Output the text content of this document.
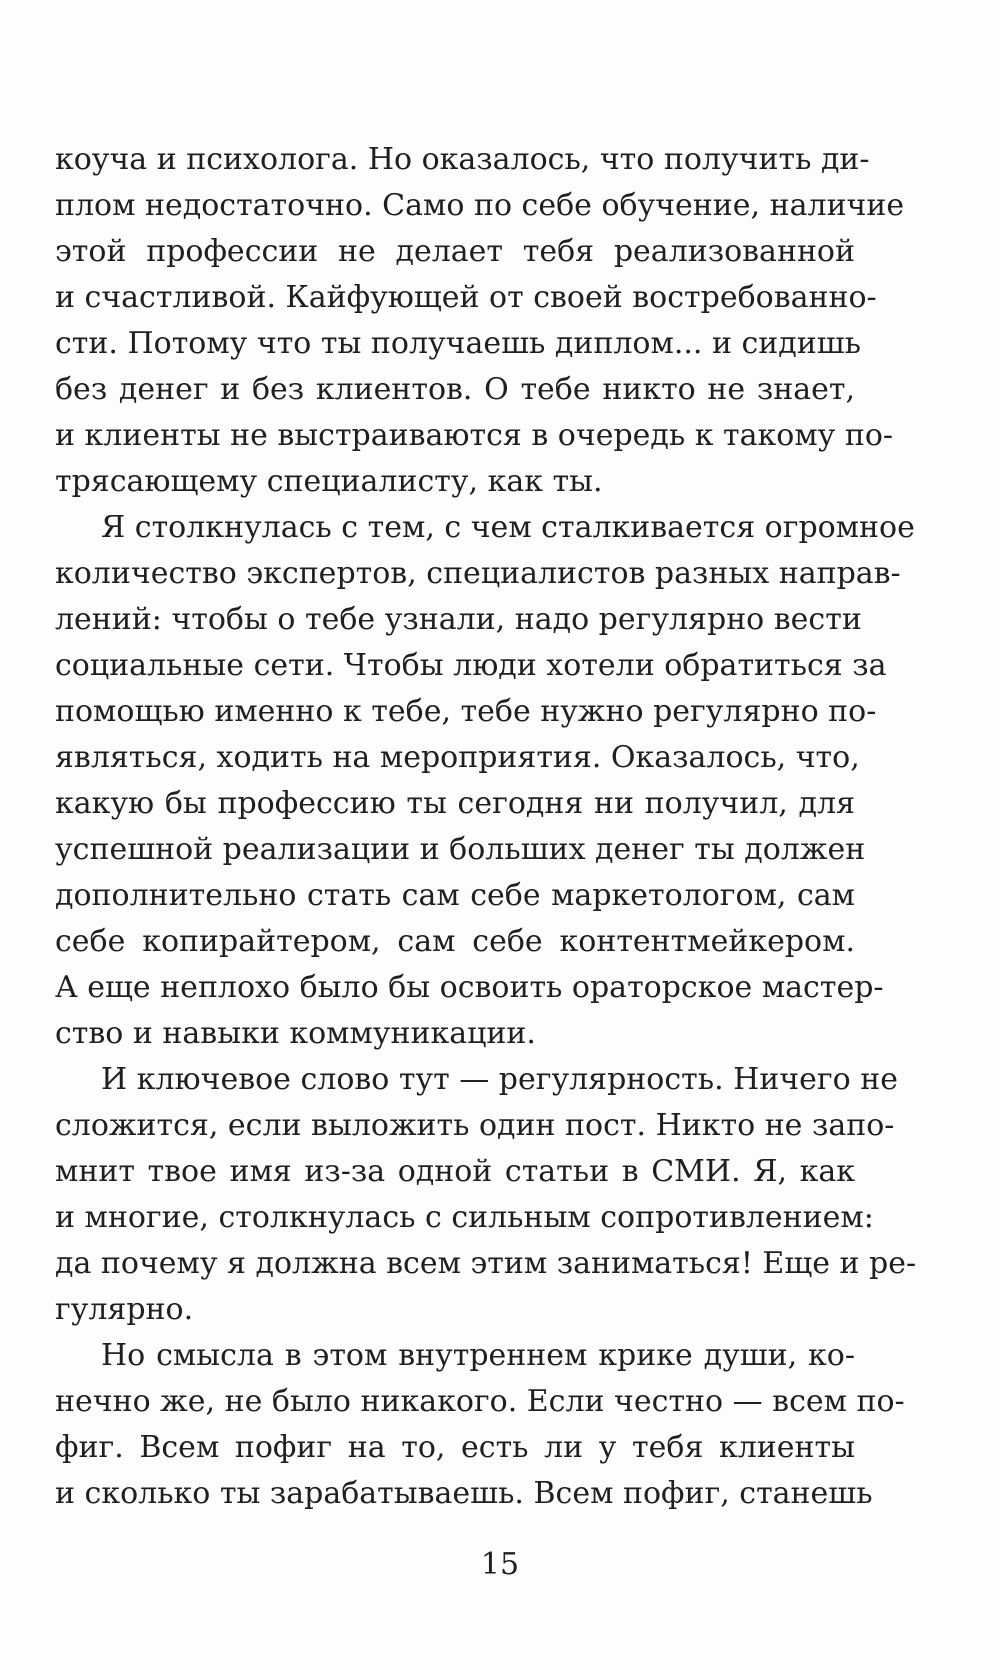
коуча и психолога. Но оказалось, что получить ди-
плом недостаточно. Само по себе обучение, наличие
этой профессии не делает тебя реализованной
и счастливой. Кайфующей от своей востребованно-
сти. Потому что ты получаешь диплом... и сидишь
без денег и без клиентов. О тебе никто не знает,
и клиенты не выстраиваются в очередь к такому по-
трясающему специалисту, как ты.
Я столкнулась с тем, с чем сталкивается огромное
количество экспертов, специалистов разных направ-
лений: чтобы о тебе узнали, надо регулярно вести
социальные сети. Чтобы люди хотели обратиться за
помощью именно к тебе, тебе нужно регулярно по-
являться, ходить на мероприятия. Оказалось, что,
какую бы профессию ты сегодня ни получил, для
успешной реализации и больших денег ты должен
дополнительно стать сам себе маркетологом, сам
себе копирайтером, сам себе контентмейкером.
А еще неплохо было бы освоить ораторское мастер-
ство и навыки коммуникации.
И ключевое слово тут — регулярность. Ничего не
сложится, если выложить один пост. Никто не запо-
мнит твое имя из-за одной статьи в СМИ. Я, как
и многие, столкнулась с сильным сопротивлением:
да почему я должна всем этим заниматься! Еще и ре-
гулярно.
Но смысла в этом внутреннем крике души, ко-
нечно же, не было никакого. Если честно — всем по-
фиг. Всем пофиг на то, есть ли у тебя клиенты
и сколько ты зарабатываешь. Всем пофиг, станешь
15
